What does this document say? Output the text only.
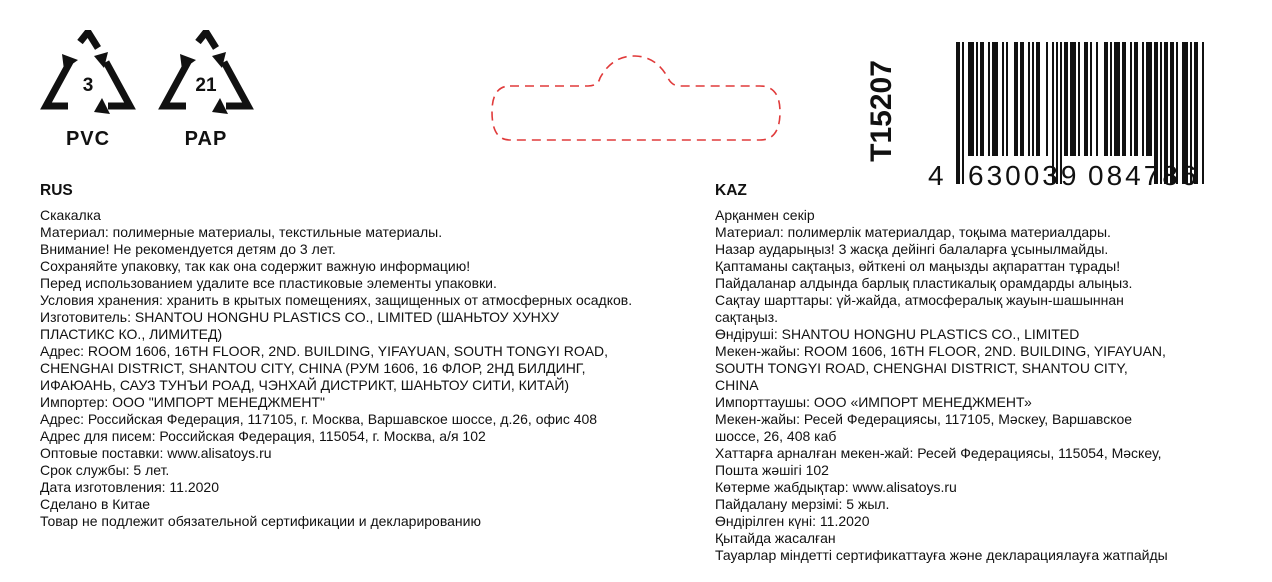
3
PVC
21
PAP	T15207
4 630039 084786
RUS
Скакалка
Материал: полимерные материалы, текстильные материалы.
Внимание! Не рекомендуется детям до 3 лет.
Сохраняйте упаковку, так как она содержит важную информацию!
Перед использованием удалите все пластиковые элементы упаковки.
Условия хранения: хранить в крытых помещениях, защищенных от атмосферных осадков.
Изготовитель: SHANTOU HONGHU PLASTICS CO., LIMITED (ШАНЬТОУ ХУНХУ
ПЛАСТИКС КО., ЛИМИТЕД)
Адрес: ROOM 1606, 16TH FLOOR, 2ND. BUILDING, YIFAYUAN, SOUTH TONGYI ROAD,
CHENGHAI DISTRICT, SHANTOU CITY, CHINA (РУМ 1606, 16 ФЛОР, 2НД БИЛДИНГ,
ИФАЮАНЬ, САУЗ ТУНЪИ РОАД, ЧЭНХАЙ ДИСТРИКТ, ШАНЬТОУ СИТИ, КИТАЙ)
Импортер: ООО "ИМПОРТ МЕНЕДЖМЕНТ"
Адрес: Российская Федерация, 117105, г. Москва, Варшавское шоссе, д.26, офис 408
Адрес для писем: Российская Федерация, 115054, г. Москва, а/я 102
Оптовые поставки: www.alisatoys.ru
Срок службы: 5 лет.
Дата изготовления: 11.2020
Сделано в Китае
Товар не подлежит обязательной сертификации и декларированию
KAZ
Арқанмен секір
Материал: полимерлік материалдар, тоқыма материалдары.
Назар аударыңыз! 3 жасқа дейінгі балаларға ұсынылмайды.
Қаптаманы сақтаңыз, өйткені ол маңызды ақпараттан тұрады!
Пайдаланар алдында барлық пластикалық орамдарды алыңыз.
Сақтау шарттары: үй-жайда, атмосфералық жауын-шашыннан
сақтаңыз.
Өндіруші: SHANTOU HONGHU PLASTICS CO., LIMITED
Мекен-жайы: ROOM 1606, 16TH FLOOR, 2ND. BUILDING, YIFAYUAN,
SOUTH TONGYI ROAD, CHENGHAI DISTRICT, SHANTOU CITY,
CHINA
Импорттаушы: ООО «ИМПОРТ МЕНЕДЖМЕНТ»
Мекен-жайы: Ресей Федерациясы, 117105, Мәскеу, Варшавское
шоссе, 26, 408 каб
Хаттарға арналған мекен-жай: Ресей Федерациясы, 115054, Мәскеу,
Пошта жәшігі 102
Көтерме жабдықтар: www.alisatoys.ru
Пайдалану мерзімі: 5 жыл.
Өндірілген күні: 11.2020
Қытайда жасалған
Тауарлар міндетті сертификаттауға және декларациялауға жатпайды
